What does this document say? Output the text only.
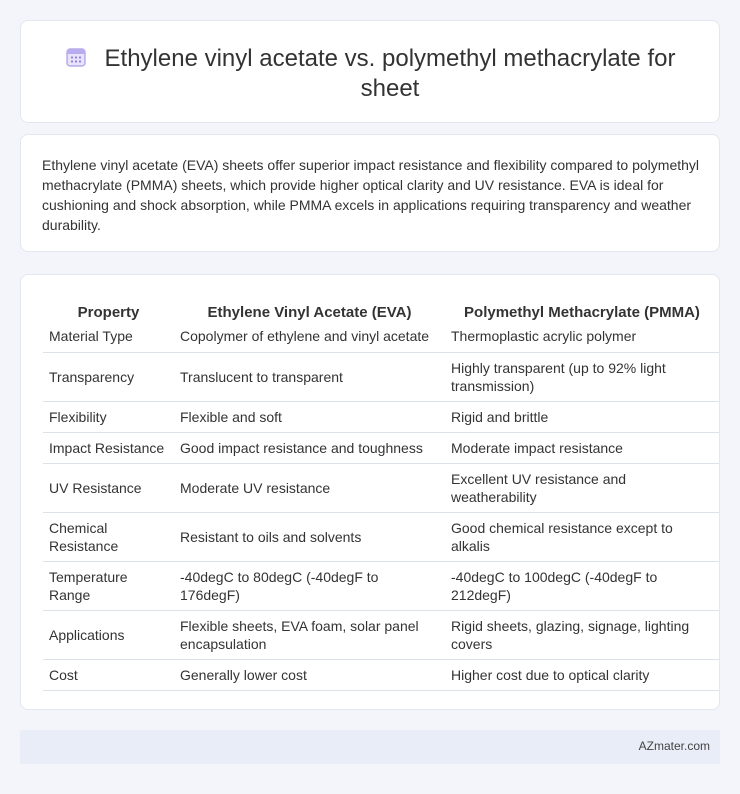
Ethylene vinyl acetate vs. polymethyl methacrylate for sheet

Ethylene vinyl acetate (EVA) sheets offer superior impact resistance and flexibility compared to polymethyl methacrylate (PMMA) sheets, which provide higher optical clarity and UV resistance. EVA is ideal for cushioning and shock absorption, while PMMA excels in applications requiring transparency and weather durability.

Property	Ethylene Vinyl Acetate (EVA)	Polymethyl Methacrylate (PMMA)
Material Type	Copolymer of ethylene and vinyl acetate	Thermoplastic acrylic polymer
Transparency	Translucent to transparent	Highly transparent (up to 92% light transmission)
Flexibility	Flexible and soft	Rigid and brittle
Impact Resistance	Good impact resistance and toughness	Moderate impact resistance
UV Resistance	Moderate UV resistance	Excellent UV resistance and weatherability
Chemical Resistance	Resistant to oils and solvents	Good chemical resistance except to alkalis
Temperature Range	-40degC to 80degC (-40degF to 176degF)	-40degC to 100degC (-40degF to 212degF)
Applications	Flexible sheets, EVA foam, solar panel encapsulation	Rigid sheets, glazing, signage, lighting covers
Cost	Generally lower cost	Higher cost due to optical clarity
AZmater.com
